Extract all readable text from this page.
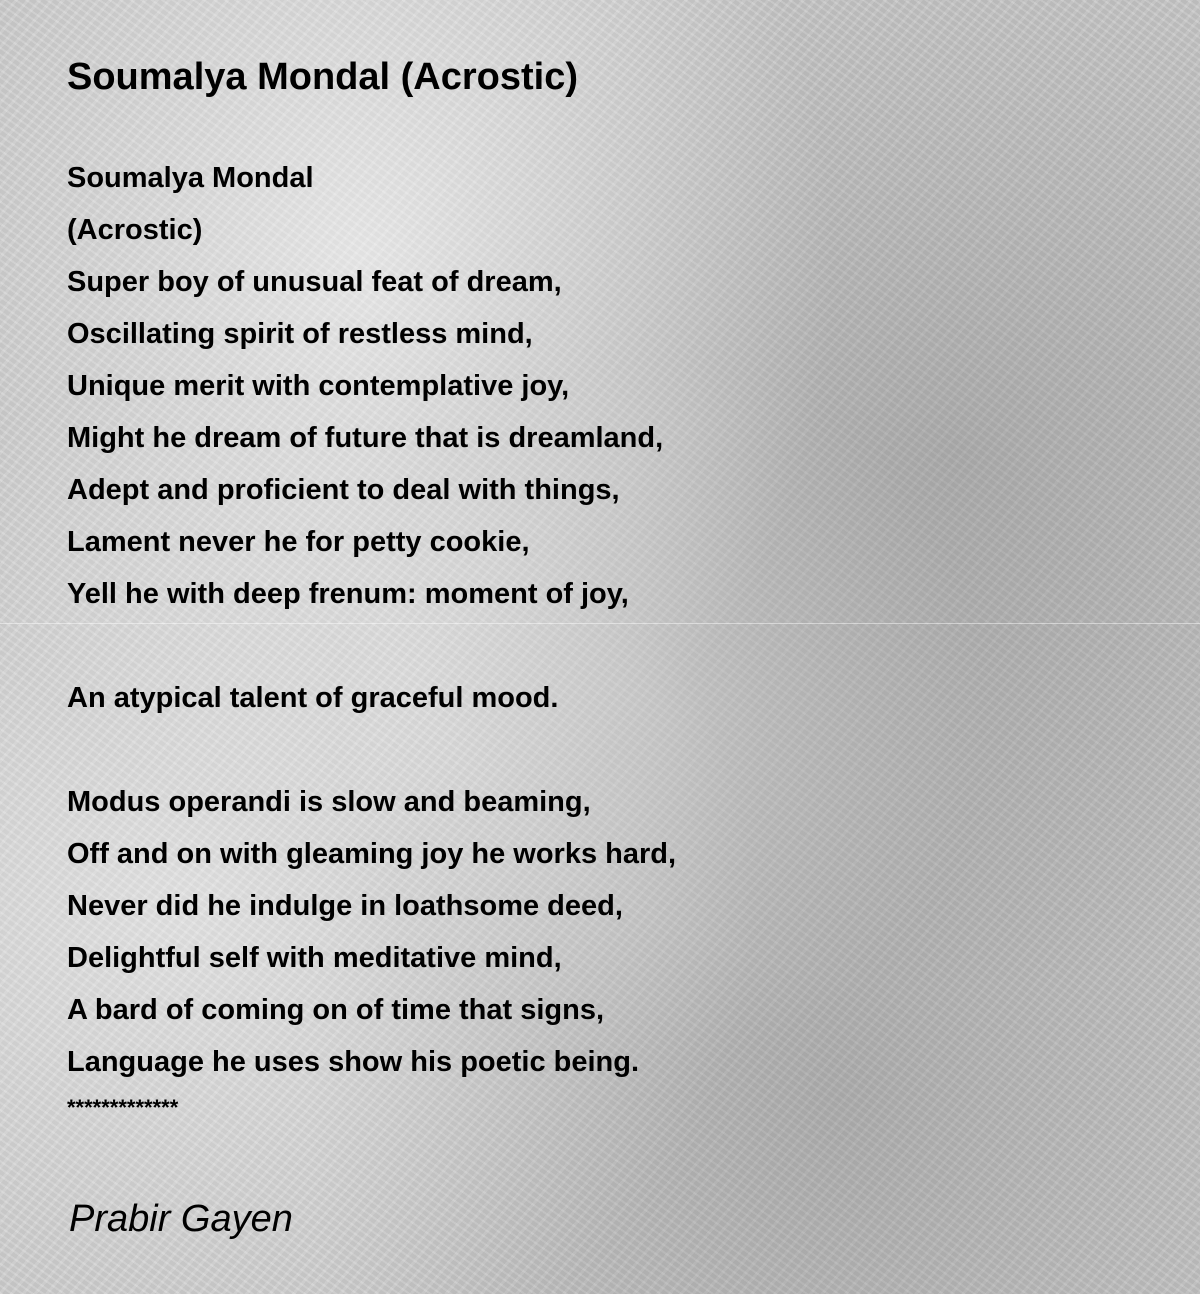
Soumalya Mondal (Acrostic)
Soumalya Mondal
(Acrostic)
Super boy of unusual feat of dream,
Oscillating spirit of restless mind,
Unique merit with contemplative joy,
Might he dream of future that is dreamland,
Adept and proficient to deal with things,
Lament never he for petty cookie,
Yell he with deep frenum: moment of joy,
An atypical talent of graceful mood.
Modus operandi is slow and beaming,
Off and on with gleaming joy he works hard,
Never did he indulge in loathsome deed,
Delightful self with meditative mind,
A bard of coming on of time that signs,
Language he uses show his poetic being.
*************
Prabir Gayen
